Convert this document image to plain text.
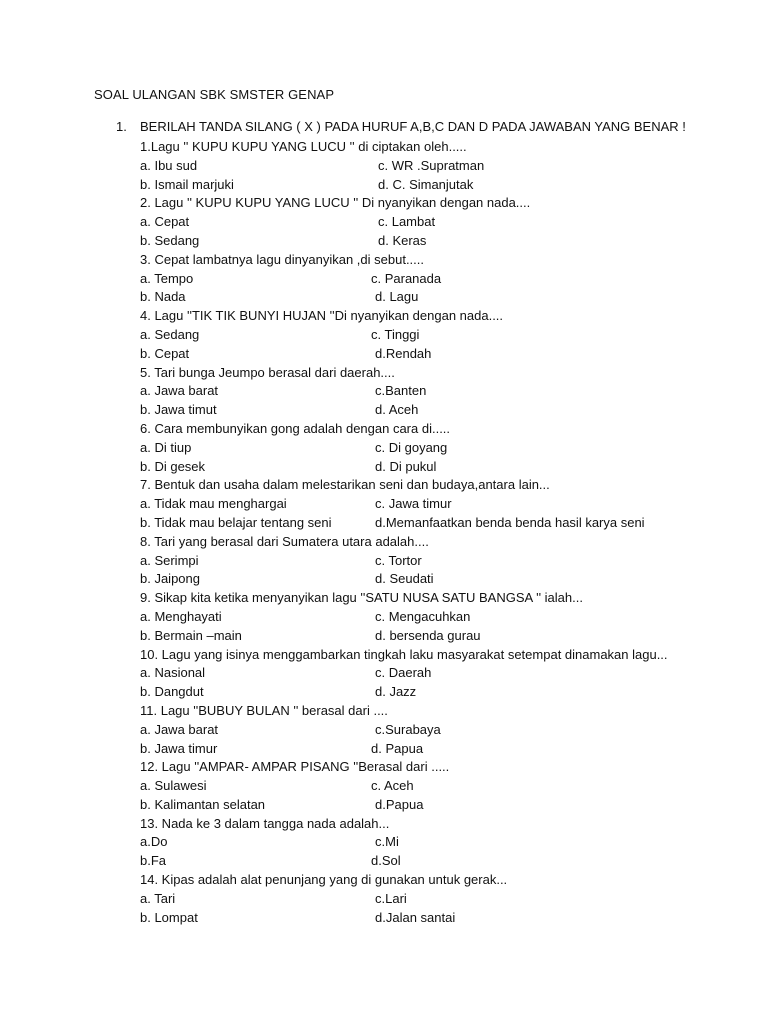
SOAL ULANGAN SBK SMSTER GENAP
1. BERILAH TANDA SILANG ( X ) PADA HURUF A,B,C DAN D PADA JAWABAN YANG BENAR !
1.Lagu '' KUPU KUPU YANG LUCU '' di ciptakan oleh.....
a. Ibu sud	c. WR .Supratman
b. Ismail marjuki	d. C. Simanjutak
2. Lagu '' KUPU KUPU YANG LUCU '' Di nyanyikan dengan nada....
a. Cepat	c. Lambat
b. Sedang	d. Keras
3. Cepat lambatnya lagu dinyanyikan ,di sebut.....
a. Tempo	c. Paranada
b. Nada	d. Lagu
4. Lagu ''TIK TIK BUNYI HUJAN ''Di nyanyikan dengan nada....
a. Sedang	c. Tinggi
b. Cepat	d.Rendah
5. Tari bunga Jeumpo berasal dari daerah....
a. Jawa barat	c.Banten
b. Jawa timut	d. Aceh
6. Cara membunyikan gong adalah dengan cara di.....
a. Di tiup	c. Di goyang
b. Di gesek	d. Di pukul
7. Bentuk dan usaha dalam melestarikan seni dan budaya,antara lain...
a. Tidak mau menghargai	c. Jawa timur
b. Tidak mau belajar tentang seni	d.Memanfaatkan benda benda hasil karya seni
8. Tari yang berasal dari Sumatera utara adalah....
a. Serimpi	c. Tortor
b. Jaipong	d. Seudati
9. Sikap kita ketika menyanyikan lagu ''SATU NUSA SATU BANGSA '' ialah...
a. Menghayati	c. Mengacuhkan
b. Bermain –main	d. bersenda gurau
10. Lagu yang isinya menggambarkan tingkah laku masyarakat setempat dinamakan lagu...
a. Nasional	c. Daerah
b. Dangdut	d. Jazz
11. Lagu ''BUBUY BULAN '' berasal dari ....
a. Jawa barat	c.Surabaya
b. Jawa timur	d. Papua
12. Lagu ''AMPAR- AMPAR PISANG ''Berasal dari .....
a. Sulawesi	c. Aceh
b. Kalimantan selatan	d.Papua
13. Nada ke 3 dalam tangga nada adalah...
a.Do	c.Mi
b.Fa	d.Sol
14. Kipas adalah alat penunjang yang di gunakan untuk gerak...
a. Tari	c.Lari
b. Lompat	d.Jalan santai
